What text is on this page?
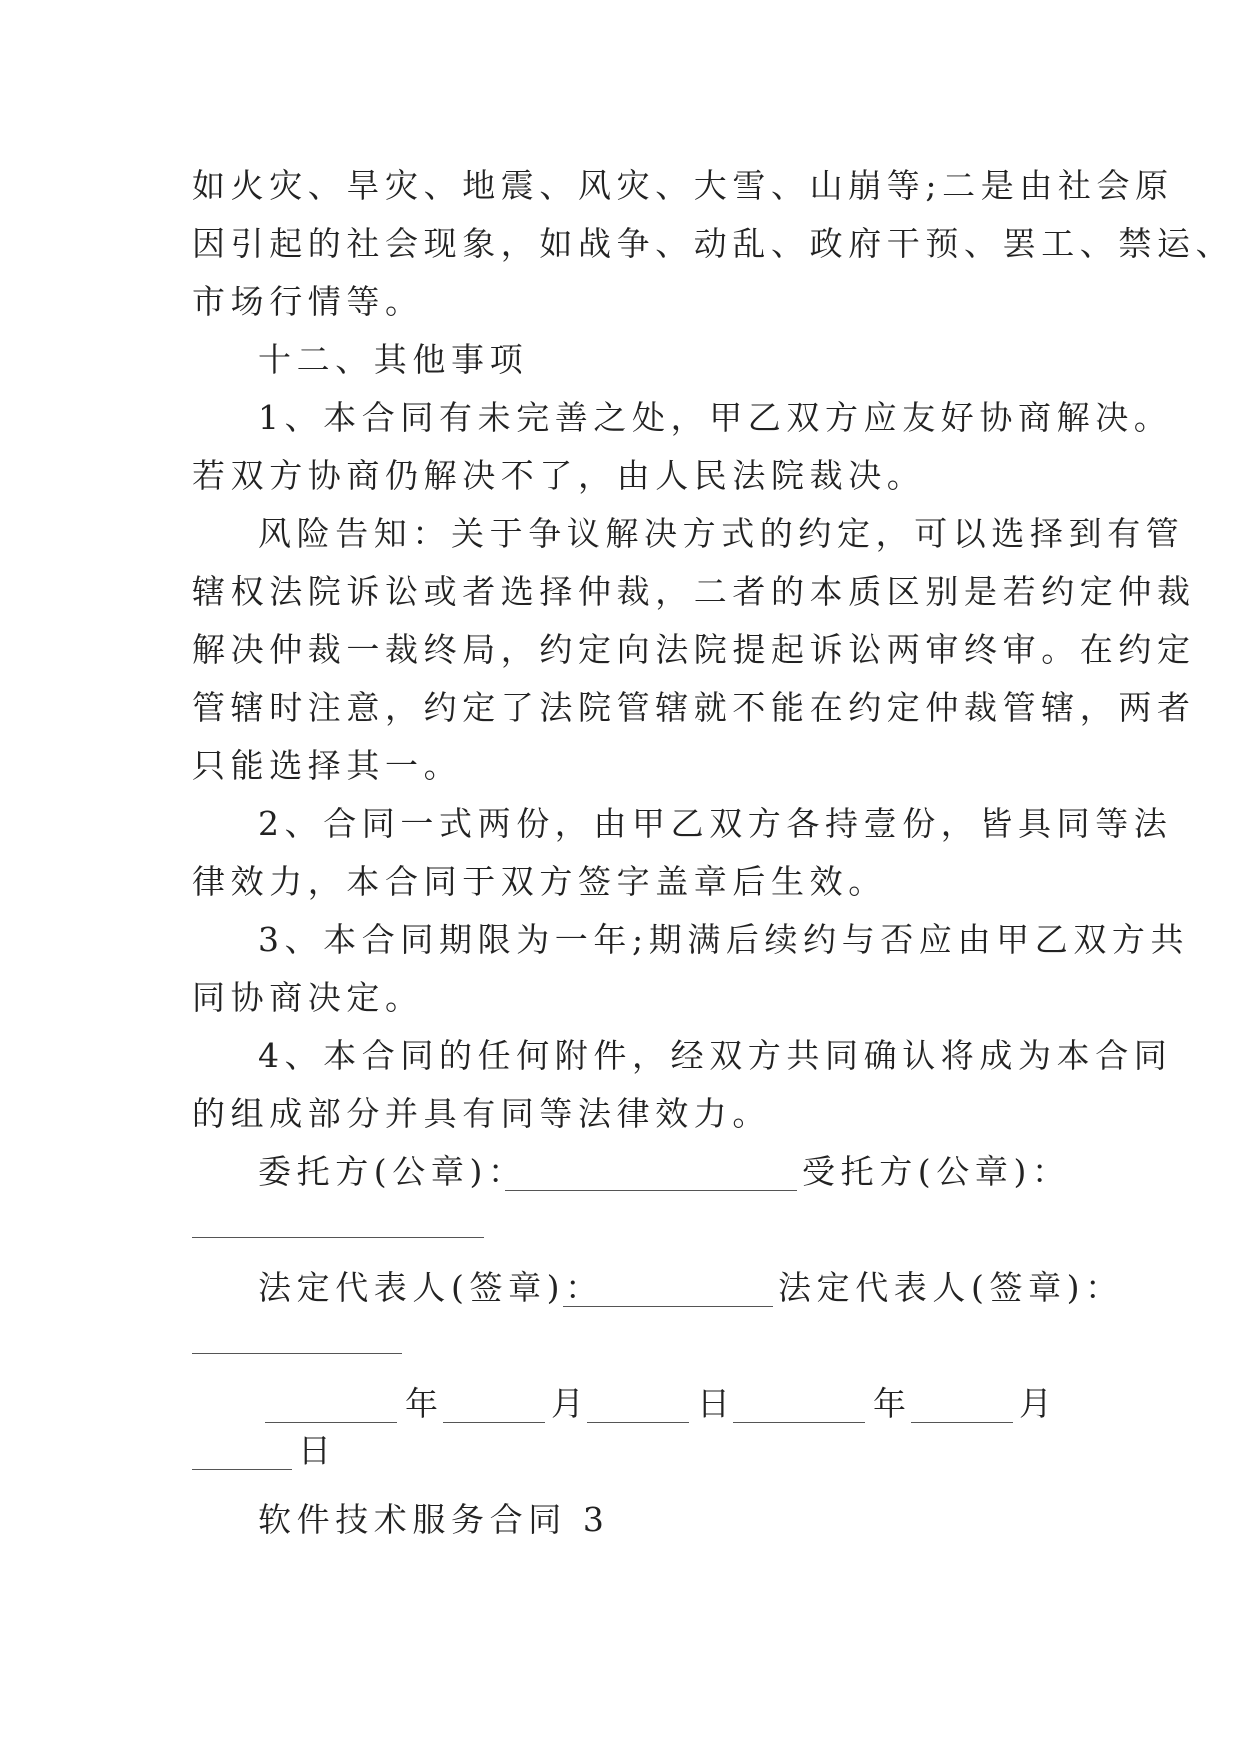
如火灾、旱灾、地震、风灾、大雪、山崩等;二是由社会原
因引起的社会现象，如战争、动乱、政府干预、罢工、禁运、
市场行情等。
十二、其他事项
1、本合同有未完善之处，甲乙双方应友好协商解决。
若双方协商仍解决不了，由人民法院裁决。
风险告知：关于争议解决方式的约定，可以选择到有管
辖权法院诉讼或者选择仲裁，二者的本质区别是若约定仲裁
解决仲裁一裁终局，约定向法院提起诉讼两审终审。在约定
管辖时注意，约定了法院管辖就不能在约定仲裁管辖，两者
只能选择其一。
2、合同一式两份，由甲乙双方各持壹份，皆具同等法
律效力，本合同于双方签字盖章后生效。
3、本合同期限为一年;期满后续约与否应由甲乙双方共
同协商决定。
4、本合同的任何附件，经双方共同确认将成为本合同
的组成部分并具有同等法律效力。
委托方(公章)：	受托方(公章)：
法定代表人(签章)：	法定代表人(签章)：
年	月	日	年	月
日
软件技术服务合同 3
